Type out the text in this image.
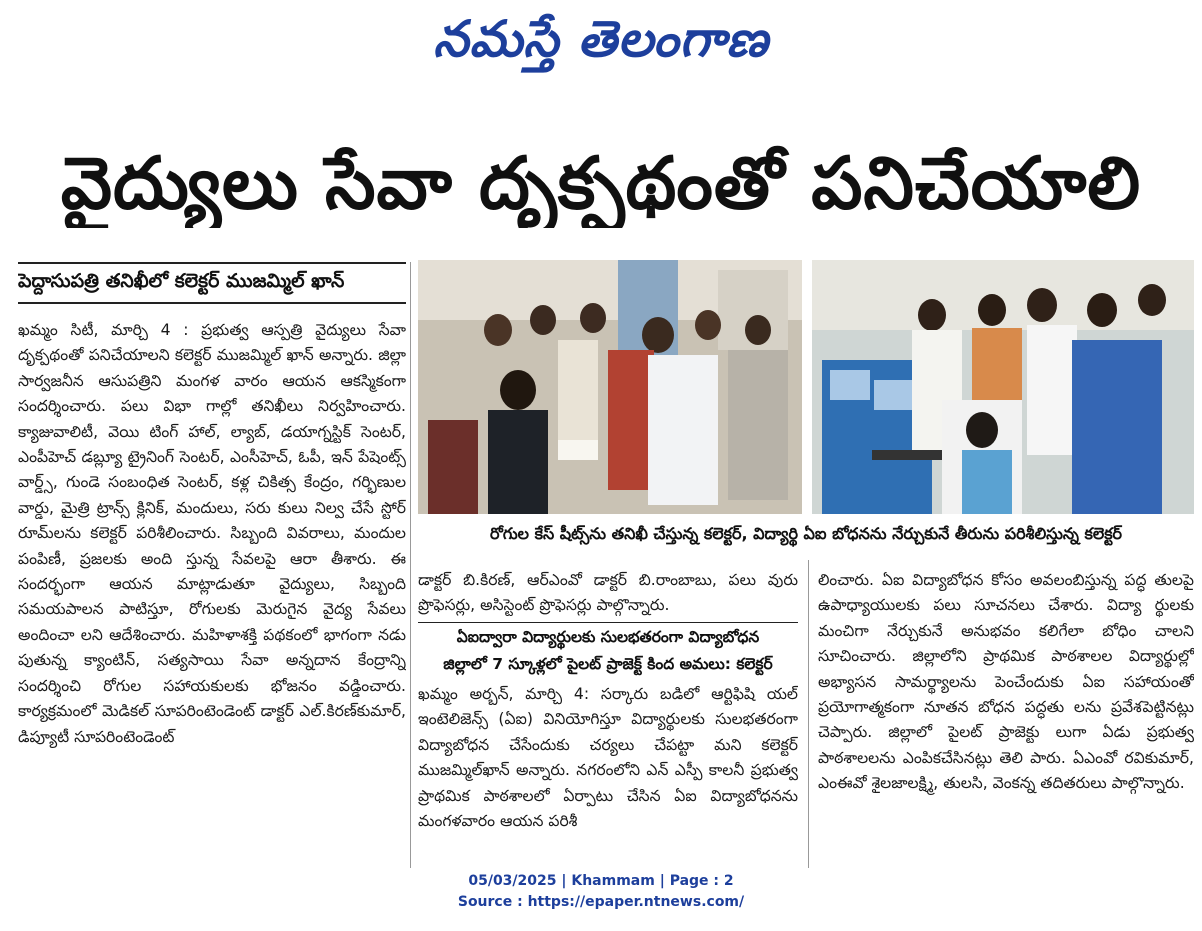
నమస్తే తెలంగాణ
వైద్యులు సేవా దృక్పథంతో పనిచేయాలి
పెద్దాసుపత్రి తనిఖీలో కలెక్టర్ ముజమ్మిల్ ఖాన్

ఖమ్మం సిటీ, మార్చి 4 : ప్రభుత్వ ఆస్పత్రి వైద్యులు సేవా దృక్పథంతో పనిచేయాలని కలెక్టర్ ముజమ్మిల్ ఖాన్ అన్నారు. జిల్లా సార్వజనీన ఆసుపత్రిని మంగళ వారం ఆయన ఆకస్మికంగా సందర్శించారు. పలు విభా గాల్లో తనిఖీలు నిర్వహించారు. క్యాజువాలిటీ, వెయి టింగ్ హాల్, ల్యాబ్, డయాగ్నస్టిక్ సెంటర్, ఎంపీహెచ్ డబ్ల్యూ ట్రైనింగ్ సెంటర్, ఎంసీహెచ్, ఓపీ, ఇన్ పేషెంట్స్ వార్డ్స్, గుండె సంబంధిత సెంటర్, కళ్ల చికిత్స కేంద్రం, గర్భిణుల వార్డు, మైత్రి ట్రాన్స్ క్లినిక్, మందులు, సరు కులు నిల్వ చేసే స్టోర్ రూమ్‌లను కలెక్టర్ పరిశీలించారు. సిబ్బంది వివరాలు, మందుల పంపిణీ, ప్రజలకు అంది స్తున్న సేవలపై ఆరా తీశారు. ఈ సందర్భంగా ఆయన మాట్లాడుతూ వైద్యులు, సిబ్బంది సమయపాలన పాటిస్తూ, రోగులకు మెరుగైన వైద్య సేవలు అందించా లని ఆదేశించారు. మహిళాశక్తి పథకంలో భాగంగా నడు పుతున్న క్యాంటిన్, సత్యసాయి సేవా అన్నదాన కేంద్రాన్ని సందర్శించి రోగుల సహాయకులకు భోజనం వడ్డించారు. కార్యక్రమంలో మెడికల్ సూపరింటెండెంట్ డాక్టర్ ఎల్.కిరణ్‌కుమార్, డిప్యూటీ సూపరింటెండెంట్

రోగుల కేస్ షీట్స్‌ను తనిఖీ చేస్తున్న కలెక్టర్, విద్యార్థి ఏఐ బోధనను నేర్చుకునే తీరును పరిశీలిస్తున్న కలెక్టర్

డాక్టర్ బి.కిరణ్, ఆర్ఎంవో డాక్టర్ బి.రాంబాబు, పలు వురు ప్రొఫెసర్లు, అసిస్టెంట్ ప్రొఫెసర్లు పాల్గొన్నారు.

ఏఐద్వారా విద్యార్థులకు సులభతరంగా విద్యాబోధన
జిల్లాలో 7 స్కూళ్లలో పైలట్ ప్రాజెక్ట్ కింద అమలు: కలెక్టర్

ఖమ్మం అర్బన్, మార్చి 4: సర్కారు బడిలో ఆర్టిఫిషి యల్ ఇంటెలిజెన్స్ (ఏఐ) వినియోగిస్తూ విద్యార్థులకు సులభతరంగా విద్యాబోధన చేసేందుకు చర్యలు చేపట్టా మని కలెక్టర్ ముజమ్మిల్‌ఖాన్ అన్నారు. నగరంలోని ఎన్ ఎస్పీ కాలనీ ప్రభుత్వ ప్రాథమిక పాఠశాలలో ఏర్పాటు చేసిన ఏఐ విద్యాబోధనను మంగళవారం ఆయన పరిశీ

లించారు. ఏఐ విద్యాబోధన కోసం అవలంబిస్తున్న పద్ధ తులపై ఉపాధ్యాయులకు పలు సూచనలు చేశారు. విద్యా ర్థులకు మంచిగా నేర్చుకునే అనుభవం కలిగేలా బోధిం చాలని సూచించారు. జిల్లాలోని ప్రాథమిక పాఠశాలల విద్యార్థుల్లో అభ్యాసన సామర్థ్యాలను పెంచేందుకు ఏఐ సహాయంతో ప్రయోగాత్మకంగా నూతన బోధన పద్ధతు లను ప్రవేశపెట్టినట్లు చెప్పారు. జిల్లాలో పైలట్ ప్రాజెక్టు లుగా ఏడు ప్రభుత్వ పాఠశాలలను ఎంపికచేసినట్లు తెలి పారు. ఏఎంవో రవికుమార్, ఎంఈవో శైలజాలక్ష్మి, తులసి, వెంకన్న తదితరులు పాల్గొన్నారు.

05/03/2025 | Khammam | Page : 2
Source : https://epaper.ntnews.com/
